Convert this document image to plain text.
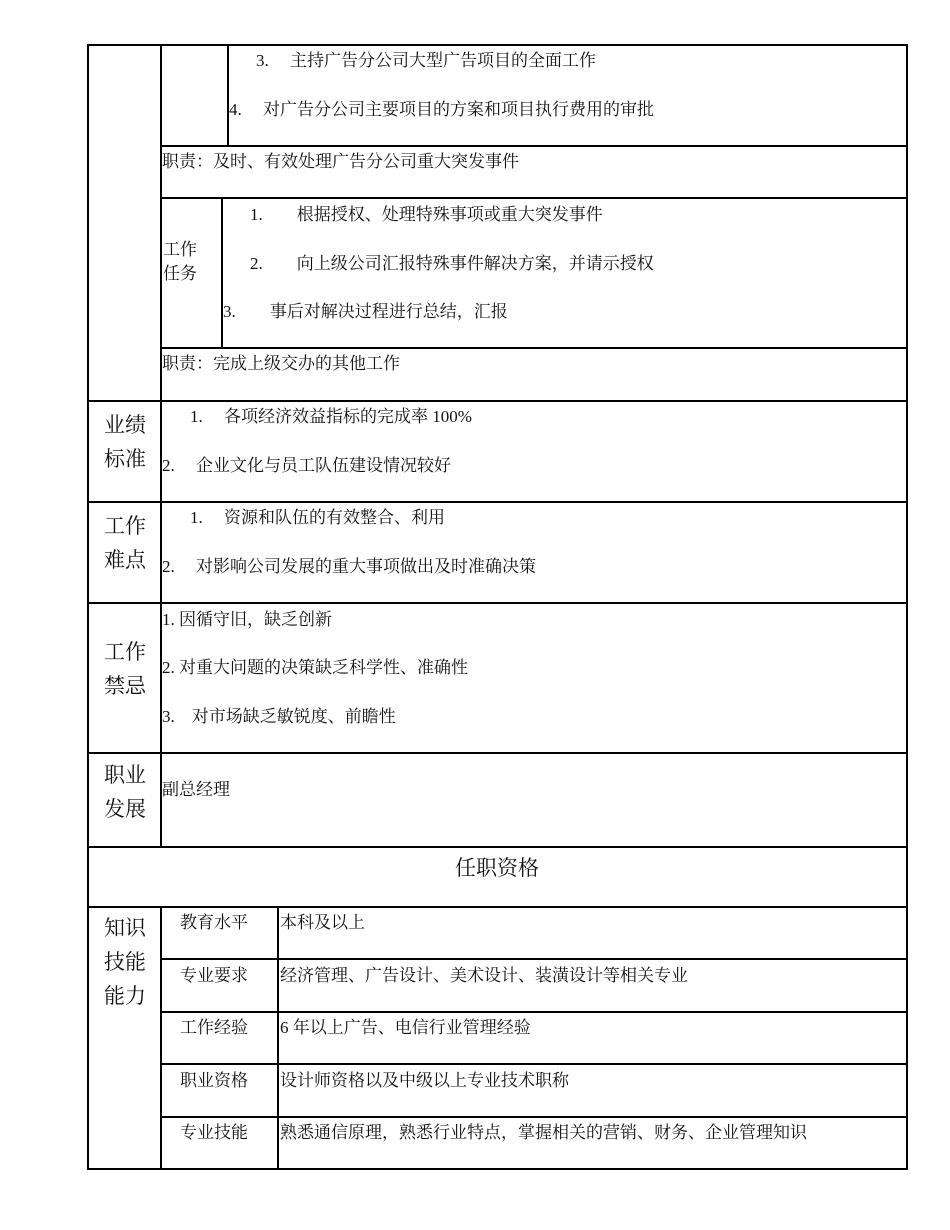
3.　 主持广告分公司大型广告项目的全面工作
4.　 对广告分公司主要项目的方案和项目执行费用的审批
职责：及时、有效处理广告分公司重大突发事件
工作
任务
1.　　根据授权、处理特殊事项或重大突发事件
2.　　向上级公司汇报特殊事件解决方案，并请示授权
3.　　事后对解决过程进行总结，汇报
职责：完成上级交办的其他工作
业绩
标准
1.　 各项经济效益指标的完成率 100%
2.　 企业文化与员工队伍建设情况较好
工作
难点
1.　 资源和队伍的有效整合、利用
2.　 对影响公司发展的重大事项做出及时准确决策
工作
禁忌
1. 因循守旧，缺乏创新
2. 对重大问题的决策缺乏科学性、准确性
3.　对市场缺乏敏锐度、前瞻性
职业
发展
副总经理
任职资格
知识
技能
能力
教育水平 本科及以上
专业要求 经济管理、广告设计、美术设计、装潢设计等相关专业
工作经验 6 年以上广告、电信行业管理经验
职业资格 设计师资格以及中级以上专业技术职称
专业技能 熟悉通信原理，熟悉行业特点，掌握相关的营销、财务、企业管理知识
